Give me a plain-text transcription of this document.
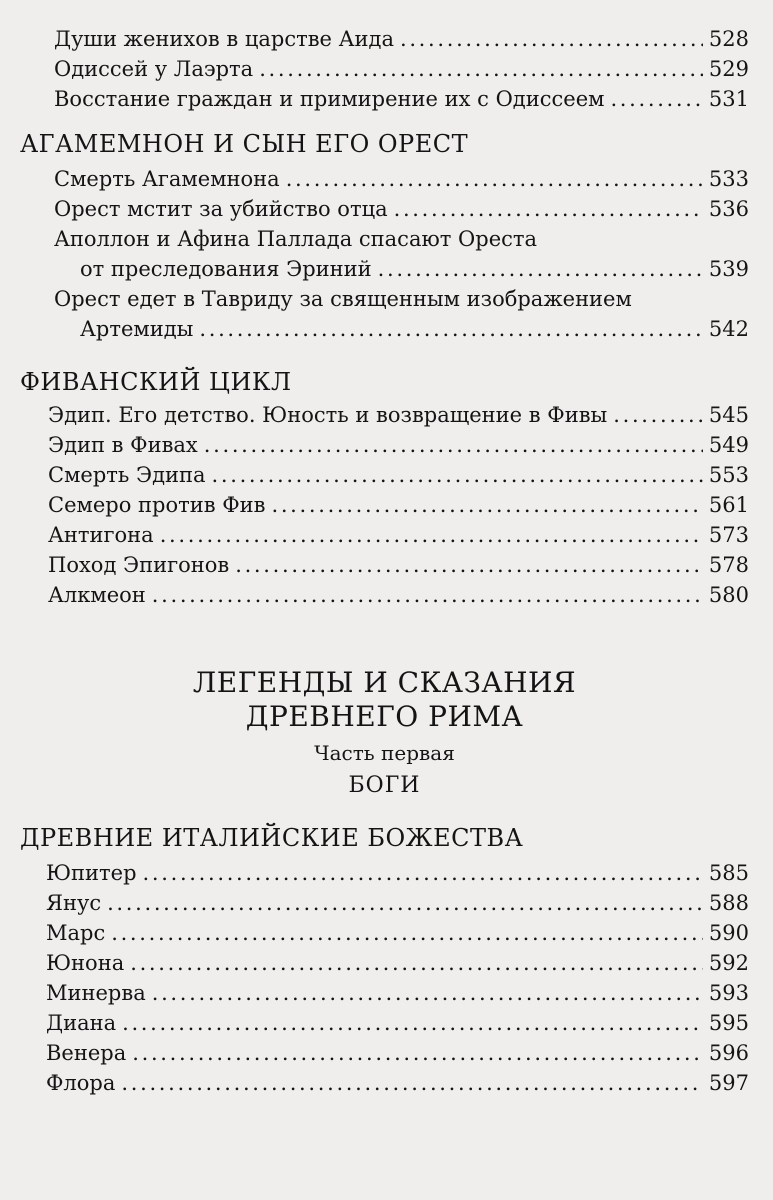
Души женихов в царстве Аида . . .	528
Одиссей у Лаэрта . . .	529
Восстание граждан и примирение их с Одиссеем . . .	531
АГАМЕМНОН И СЫН ЕГО ОРЕСТ
Смерть Агамемнона . . .	533
Орест мстит за убийство отца . . .	536
Аполлон и Афина Паллада спасают Ореста
от преследования Эриний . . .	539
Орест едет в Тавриду за священным изображением
Артемиды . . .	542
ФИВАНСКИЙ ЦИКЛ
Эдип. Его детство. Юность и возвращение в Фивы . . .	545
Эдип в Фивах . . .	549
Смерть Эдипа . . .	553
Семеро против Фив . . .	561
Антигона . . .	573
Поход Эпигонов . . .	578
Алкмеон . . .	580
ЛЕГЕНДЫ И СКАЗАНИЯ
ДРЕВНЕГО РИМА
Часть первая
БОГИ
ДРЕВНИЕ ИТАЛИЙСКИЕ БОЖЕСТВА
Юпитер . . .	585
Янус . . .	588
Марс . . .	590
Юнона . . .	592
Минерва . . .	593
Диана . . .	595
Венера . . .	596
Флора . . .	597
